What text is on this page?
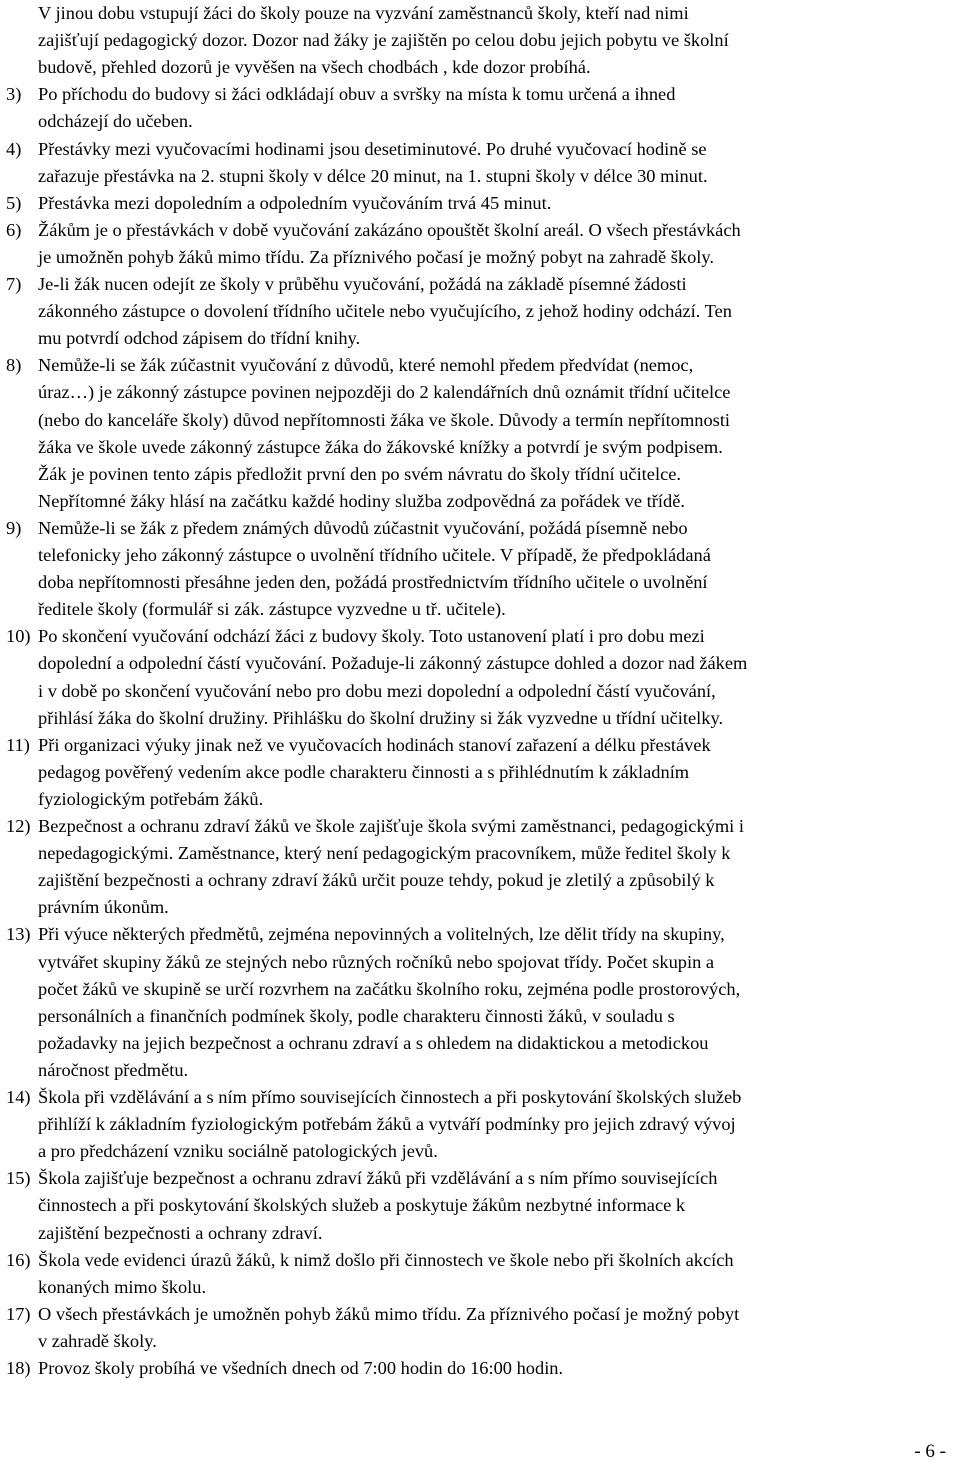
V jinou dobu vstupují žáci do školy pouze na vyzvání zaměstnanců školy, kteří nad nimi
zajišťují pedagogický dozor. Dozor nad žáky je zajištěn po celou dobu jejich pobytu ve školní
budově, přehled dozorů je vyvěšen na všech chodbách , kde dozor probíhá.
3) Po příchodu do budovy si žáci odkládají obuv a svršky na místa k tomu určená a ihned
odcházejí do učeben.
4) Přestávky mezi vyučovacími hodinami jsou desetiminutové. Po druhé vyučovací hodině se
zařazuje přestávka na 2. stupni školy v délce 20 minut, na 1. stupni školy v délce 30 minut.
5) Přestávka mezi dopoledním a odpoledním vyučováním trvá 45 minut.
6) Žákům je o přestávkách v době vyučování zakázáno opouštět školní areál. O všech přestávkách
je umožněn pohyb žáků mimo třídu. Za příznivého počasí je možný pobyt na zahradě školy.
7) Je-li žák nucen odejít ze školy v průběhu vyučování, požádá na základě písemné žádosti
zákonného zástupce o dovolení třídního učitele nebo vyučujícího, z jehož hodiny odchází. Ten
mu potvrdí odchod zápisem do třídní knihy.
8) Nemůže-li se žák zúčastnit vyučování z důvodů, které nemohl předem předvídat (nemoc,
úraz…) je zákonný zástupce povinen nejpozději do 2 kalendářních dnů oznámit třídní učitelce
(nebo do kanceláře školy) důvod nepřítomnosti žáka ve škole. Důvody a termín nepřítomnosti
žáka ve škole uvede zákonný zástupce žáka do žákovské knížky a potvrdí je svým podpisem.
Žák je povinen tento zápis předložit první den po svém návratu do školy třídní učitelce.
Nepřítomné žáky hlásí na začátku každé hodiny služba zodpovědná za pořádek ve třídě.
9) Nemůže-li se žák z předem známých důvodů zúčastnit vyučování, požádá písemně nebo
telefonicky jeho zákonný zástupce o uvolnění třídního učitele. V případě, že předpokládaná
doba nepřítomnosti přesáhne jeden den, požádá prostřednictvím třídního učitele o uvolnění
ředitele školy (formulář si zák. zástupce vyzvedne u tř. učitele).
10) Po skončení vyučování odchází žáci z budovy školy. Toto ustanovení platí i pro dobu mezi
dopolední a odpolední částí vyučování. Požaduje-li zákonný zástupce dohled a dozor nad žákem
i v době po skončení vyučování nebo pro dobu mezi dopolední a odpolední částí vyučování,
přihlásí žáka do školní družiny. Přihlášku do školní družiny si žák vyzvedne u třídní učitelky.
11) Při organizaci výuky jinak než ve vyučovacích hodinách stanoví zařazení a délku přestávek
pedagog pověřený vedením akce podle charakteru činnosti a s přihlédnutím k základním
fyziologickým potřebám žáků.
12) Bezpečnost a ochranu zdraví žáků ve škole zajišťuje škola svými zaměstnanci, pedagogickými i
nepedagogickými. Zaměstnance, který není pedagogickým pracovníkem, může ředitel školy k
zajištění bezpečnosti a ochrany zdraví žáků určit pouze tehdy, pokud je zletilý a způsobilý k
právním úkonům.
13) Při výuce některých předmětů, zejména nepovinných a volitelných, lze dělit třídy na skupiny,
vytvářet skupiny žáků ze stejných nebo různých ročníků nebo spojovat třídy. Počet skupin a
počet žáků ve skupině se určí rozvrhem na začátku školního roku, zejména podle prostorových,
personálních a finančních podmínek školy, podle charakteru činnosti žáků, v souladu s
požadavky na jejich bezpečnost a ochranu zdraví a s ohledem na didaktickou a metodickou
náročnost předmětu.
14) Škola při vzdělávání a s ním přímo souvisejících činnostech a při poskytování školských služeb
přihlíží k základním fyziologickým potřebám žáků a vytváří podmínky pro jejich zdravý vývoj
a pro předcházení vzniku sociálně patologických jevů.
15) Škola zajišťuje bezpečnost a ochranu zdraví žáků při vzdělávání a s ním přímo souvisejících
činnostech a při poskytování školských služeb a poskytuje žákům nezbytné informace k
zajištění bezpečnosti a ochrany zdraví.
16) Škola vede evidenci úrazů žáků, k nimž došlo při činnostech ve škole nebo při školních akcích
konaných mimo školu.
17) O všech přestávkách je umožněn pohyb žáků mimo třídu. Za příznivého počasí je možný pobyt
v zahradě školy.
18) Provoz školy probíhá ve všedních dnech od 7:00 hodin do 16:00 hodin.
- 6 -
